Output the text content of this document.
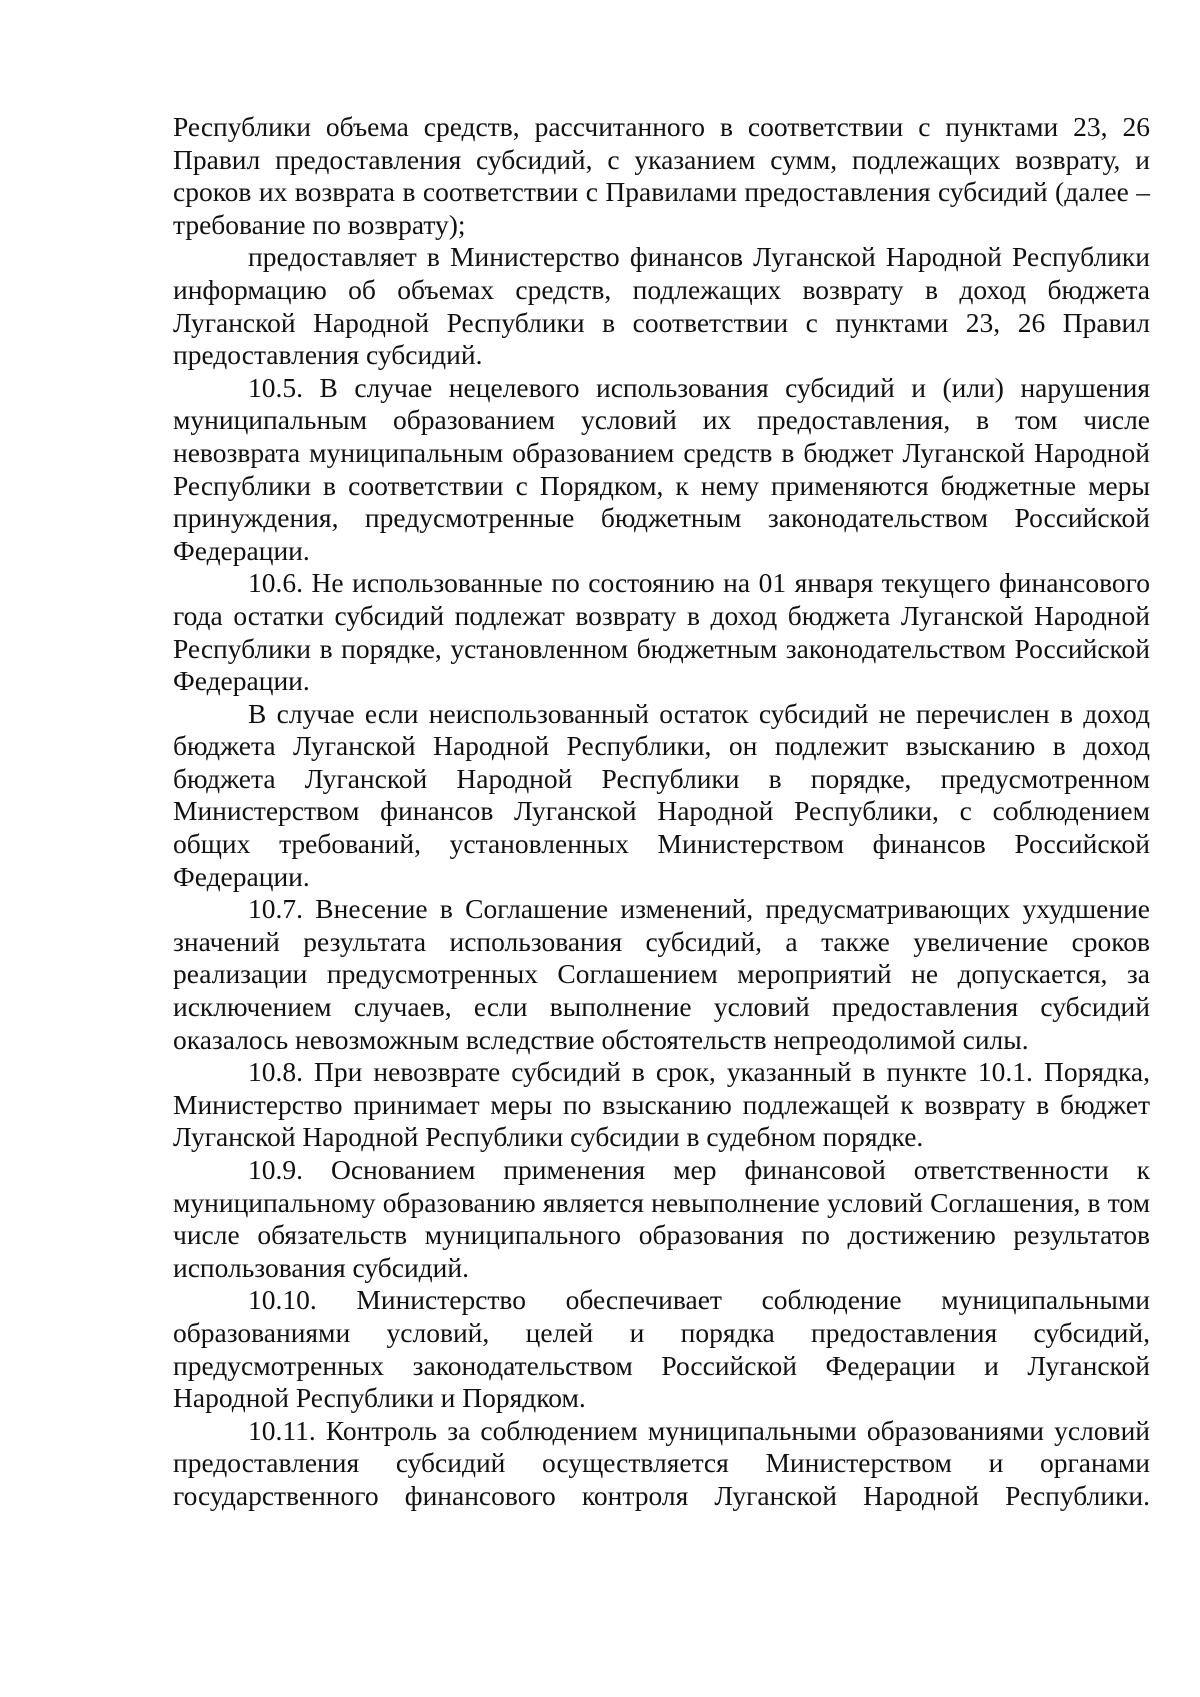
Республики объема средств, рассчитанного в соответствии с пунктами 23, 26 Правил предоставления субсидий, с указанием сумм, подлежащих возврату, и сроков их возврата в соответствии с Правилами предоставления субсидий (далее – требование по возврату);

предоставляет в Министерство финансов Луганской Народной Республики информацию об объемах средств, подлежащих возврату в доход бюджета Луганской Народной Республики в соответствии с пунктами 23, 26 Правил предоставления субсидий.

10.5. В случае нецелевого использования субсидий и (или) нарушения муниципальным образованием условий их предоставления, в том числе невозврата муниципальным образованием средств в бюджет Луганской Народной Республики в соответствии с Порядком, к нему применяются бюджетные меры принуждения, предусмотренные бюджетным законодательством Российской Федерации.

10.6. Не использованные по состоянию на 01 января текущего финансового года остатки субсидий подлежат возврату в доход бюджета Луганской Народной Республики в порядке, установленном бюджетным законодательством Российской Федерации.

В случае если неиспользованный остаток субсидий не перечислен в доход бюджета Луганской Народной Республики, он подлежит взысканию в доход бюджета Луганской Народной Республики в порядке, предусмотренном Министерством финансов Луганской Народной Республики, с соблюдением общих требований, установленных Министерством финансов Российской Федерации.

10.7. Внесение в Соглашение изменений, предусматривающих ухудшение значений результата использования субсидий, а также увеличение сроков реализации предусмотренных Соглашением мероприятий не допускается, за исключением случаев, если выполнение условий предоставления субсидий оказалось невозможным вследствие обстоятельств непреодолимой силы.

10.8. При невозврате субсидий в срок, указанный в пункте 10.1. Порядка, Министерство принимает меры по взысканию подлежащей к возврату в бюджет Луганской Народной Республики субсидии в судебном порядке.

10.9. Основанием применения мер финансовой ответственности к муниципальному образованию является невыполнение условий Соглашения, в том числе обязательств муниципального образования по достижению результатов использования субсидий.

10.10. Министерство обеспечивает соблюдение муниципальными образованиями условий, целей и порядка предоставления субсидий, предусмотренных законодательством Российской Федерации и Луганской Народной Республики и Порядком.

10.11. Контроль за соблюдением муниципальными образованиями условий предоставления субсидий осуществляется Министерством и органами государственного финансового контроля Луганской Народной Республики.
